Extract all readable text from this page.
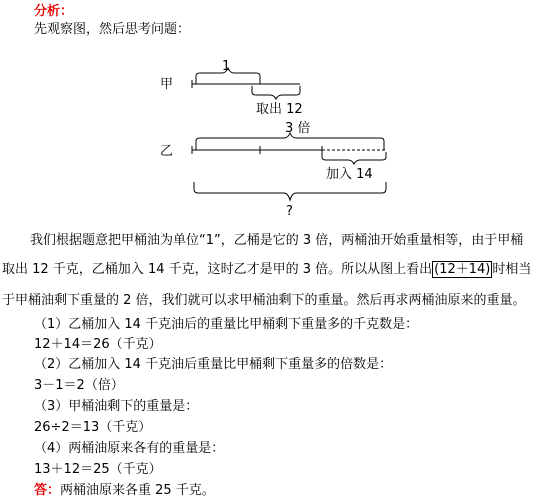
分析：
先观察图，然后思考问题：
甲
1
取出 12
3 倍
乙
加入 14
?
我们根据题意把甲桶油为单位“1”，乙桶是它的 3 倍，两桶油开始重量相等，由于甲桶
取出 12 千克，乙桶加入 14 千克，这时乙才是甲的 3 倍。所以从图上看出 (12＋14) 时相当
于甲桶油剩下重量的 2 倍，我们就可以求甲桶油剩下的重量。然后再求两桶油原来的重量。
（1）乙桶加入 14 千克油后的重量比甲桶剩下重量多的千克数是：
12＋14＝26（千克）
（2）乙桶加入 14 千克油后重量比甲桶剩下重量多的倍数是：
3－1＝2（倍）
（3）甲桶油剩下的重量是：
26÷2＝13（千克）
（4）两桶油原来各有的重量是：
13＋12＝25（千克）
答：两桶油原来各重 25 千克。
